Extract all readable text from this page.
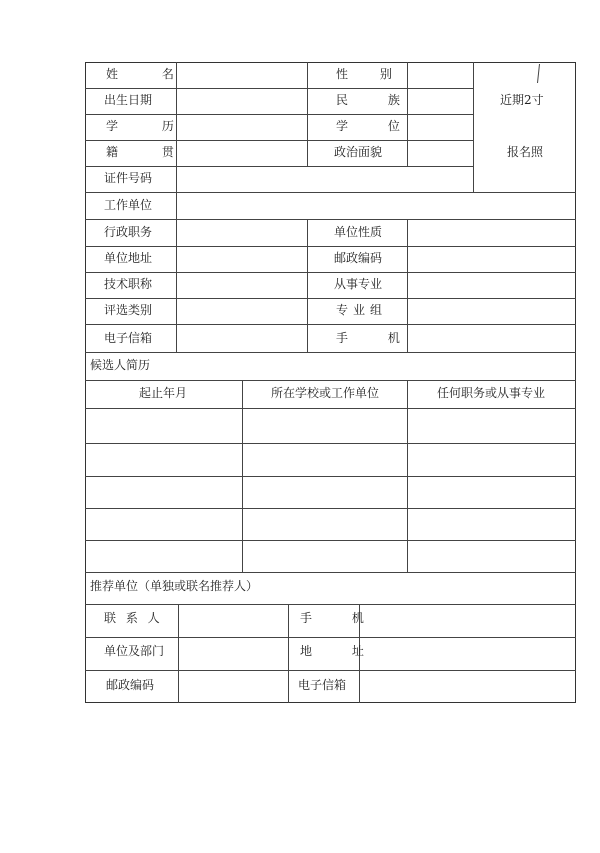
姓 名	性 别
出生日期	民 族
学 历	学 位
籍 贯	政治面貌
证件号码
近期2寸
报名照
工作单位
行政职务	单位性质
单位地址	邮政编码
技术职称	从事专业
评选类别	专业组
电子信箱	手 机
候选人简历
起止年月	所在学校或工作单位	任何职务或从事专业
推荐单位（单独或联名推荐人）
联 系 人	手 机
单位及部门	地 址
邮政编码	电子信箱
